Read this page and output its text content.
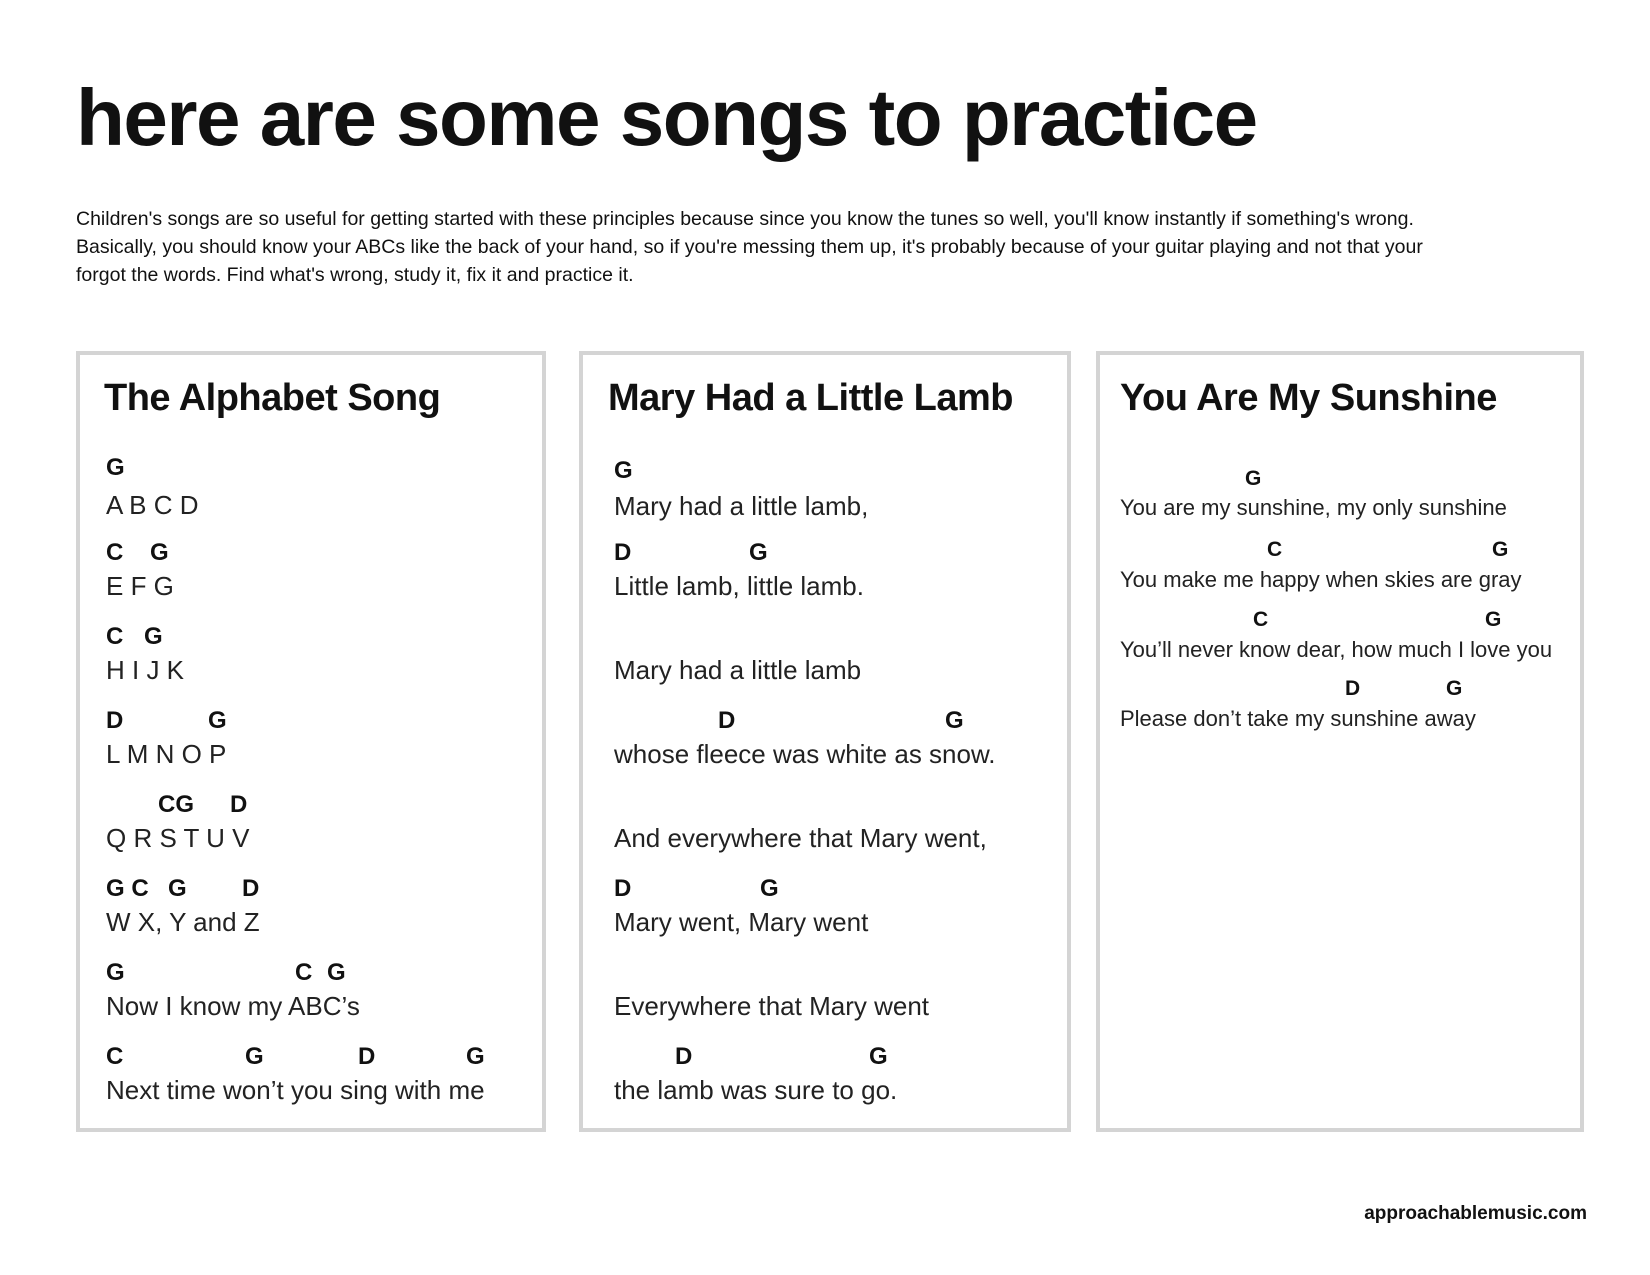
here are some songs to practice

Children's songs are so useful for getting started with these principles because since you know the tunes so well, you'll know instantly if something's wrong. Basically, you should know your ABCs like the back of your hand, so if you're messing them up, it's probably because of your guitar playing and not that your forgot the words. Find what's wrong, study it, fix it and practice it.

The Alphabet Song
G
A B C D
C G
E F G
C G
H I J K
D	G
L M N O P
CG D
Q R S T U V
G C G D
W X, Y and Z
G	C G
Now I know my ABC’s
C	G	D	G
Next time won’t you sing with me
Mary Had a Little Lamb
G
Mary had a little lamb,
D	G
Little lamb, little lamb.
Mary had a little lamb
D	G
whose fleece was white as snow.
And everywhere that Mary went,
D	G
Mary went, Mary went
Everywhere that Mary went
D	G
the lamb was sure to go.
You Are My Sunshine
G
You are my sunshine, my only sunshine
C	G
You make me happy when skies are gray
C	G
You’ll never know dear, how much I love you
D	G
Please don’t take my sunshine away

approachablemusic.com
